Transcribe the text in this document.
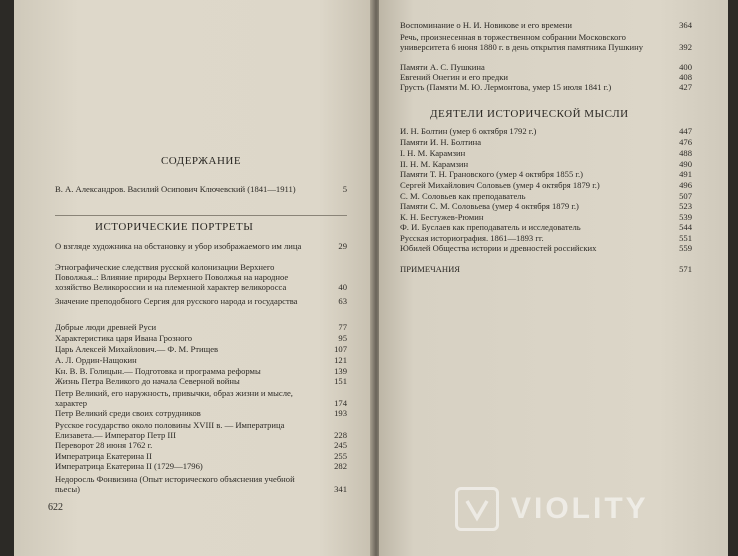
СОДЕРЖАНИЕ
В. А. Александров. Василий Осипович Ключевский (1841—1911)	5
ИСТОРИЧЕСКИЕ ПОРТРЕТЫ
О взгляде художника на обстановку и убор изображаемого им лица	29
Этнографические следствия русской колонизации Верхнего Поволжья..: Влияние природы Верхнего Поволжья на народное хозяйство Великороссии и на племенной характер великоросса	40
Значение преподобного Сергия для русского народа и государства	63
Добрые люди древней Руси	77
Характеристика царя Ивана Грозного	95
Царь Алексей Михайлович.— Ф. М. Ртищев	107
А. Л. Ордин-Нащокин	121
Кн. В. В. Голицын.— Подготовка и программа реформы	139
Жизнь Петра Великого до начала Северной войны	151
Петр Великий, его наружность, привычки, образ жизни и мысле, характер	174
Петр Великий среди своих сотрудников	193
Русское государство около половины XVIII в. — Императрица Елизавета.— Император Петр III	228
Переворот 28 июня 1762 г.	245
Императрица Екатерина II	255
Императрица Екатерина II (1729—1796)	282
Недоросль Фонвизина (Опыт исторического объяснения учебной пьесы)	341
622
Воспоминание о Н. И. Новикове и его времени	364
Речь, произнесенная в торжественном собрании Московского университета 6 июня 1880 г. в день открытия памятника Пушкину	392
Памяти А. С. Пушкина	400
Евгений Онегин и его предки	408
Грусть (Памяти М. Ю. Лермонтова, умер 15 июля 1841 г.)	427
ДЕЯТЕЛИ ИСТОРИЧЕСКОЙ МЫСЛИ
И. Н. Болтин (умер 6 октября 1792 г.)	447
Памяти И. Н. Болтина	476
I. Н. М. Карамзин	488
II. Н. М. Карамзин	490
Памяти Т. Н. Грановского (умер 4 октября 1855 г.)	491
Сергей Михайлович Соловьев (умер 4 октября 1879 г.)	496
С. М. Соловьев как преподаватель	507
Памяти С. М. Соловьева (умер 4 октября 1879 г.)	523
К. Н. Бестужев-Рюмин	539
Ф. И. Буслаев как преподаватель и исследователь	544
Русская историография. 1861—1893 гг.	551
Юбилей Общества истории и древностей российских	559
ПРИМЕЧАНИЯ	571
VIOLITY
